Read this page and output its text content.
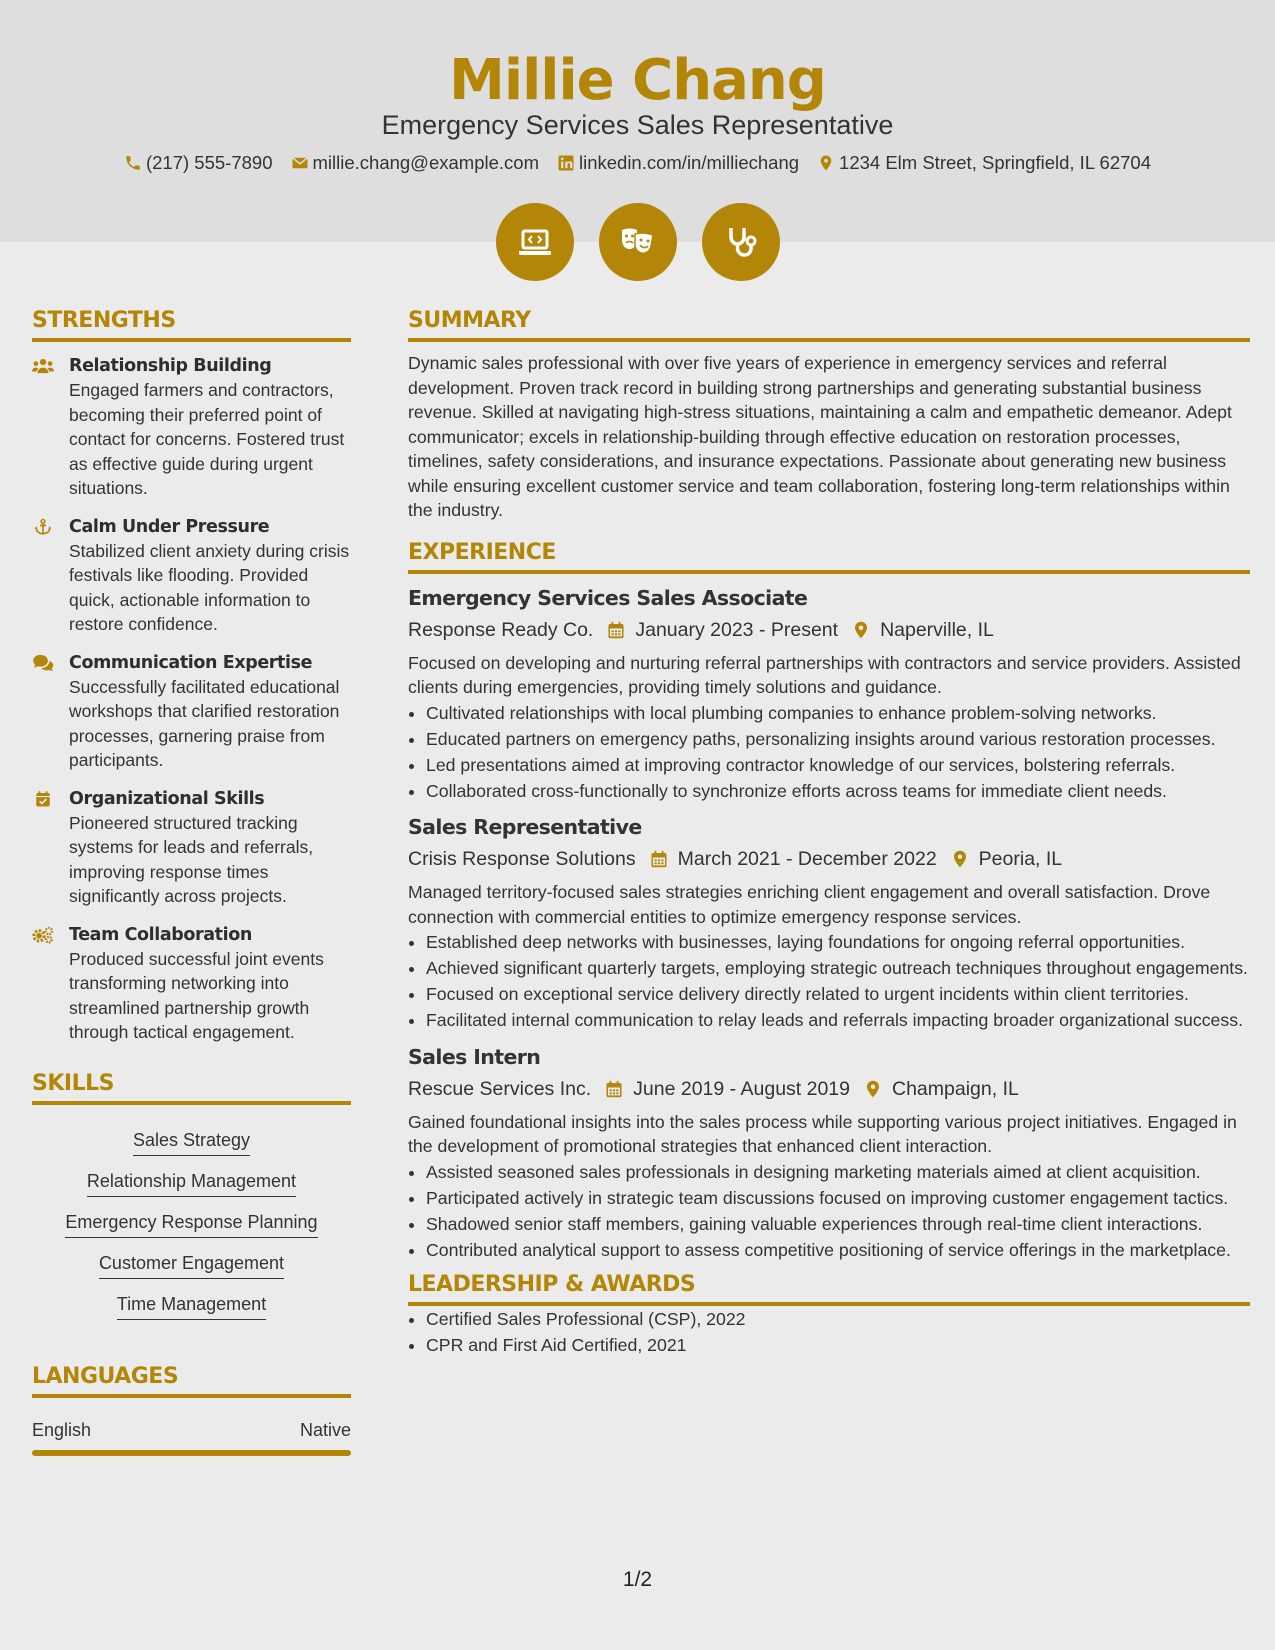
Millie Chang
Emergency Services Sales Representative
(217) 555-7890 millie.chang@example.com linkedin.com/in/milliechang 1234 Elm Street, Springfield, IL 62704
STRENGTHS
Relationship Building
Engaged farmers and contractors, becoming their preferred point of contact for concerns. Fostered trust as effective guide during urgent situations.
Calm Under Pressure
Stabilized client anxiety during crisis festivals like flooding. Provided quick, actionable information to restore confidence.
Communication Expertise
Successfully facilitated educational workshops that clarified restoration processes, garnering praise from participants.
Organizational Skills
Pioneered structured tracking systems for leads and referrals, improving response times significantly across projects.
Team Collaboration
Produced successful joint events transforming networking into streamlined partnership growth through tactical engagement.
SKILLS
Sales Strategy
Relationship Management
Emergency Response Planning
Customer Engagement
Time Management
LANGUAGES
English	Native
SUMMARY

Dynamic sales professional with over five years of experience in emergency services and referral development. Proven track record in building strong partnerships and generating substantial business revenue. Skilled at navigating high-stress situations, maintaining a calm and empathetic demeanor. Adept communicator; excels in relationship-building through effective education on restoration processes, timelines, safety considerations, and insurance expectations. Passionate about generating new business while ensuring excellent customer service and team collaboration, fostering long-term relationships within the industry.

EXPERIENCE
Emergency Services Sales Associate
Response Ready Co. January 2023 - Present Naperville, IL

Focused on developing and nurturing referral partnerships with contractors and service providers. Assisted clients during emergencies, providing timely solutions and guidance.

• Cultivated relationships with local plumbing companies to enhance problem-solving networks.
• Educated partners on emergency paths, personalizing insights around various restoration processes.
• Led presentations aimed at improving contractor knowledge of our services, bolstering referrals.
• Collaborated cross-functionally to synchronize efforts across teams for immediate client needs.
Sales Representative
Crisis Response Solutions March 2021 - December 2022 Peoria, IL

Managed territory-focused sales strategies enriching client engagement and overall satisfaction. Drove connection with commercial entities to optimize emergency response services.

• Established deep networks with businesses, laying foundations for ongoing referral opportunities.
• Achieved significant quarterly targets, employing strategic outreach techniques throughout engagements.
• Focused on exceptional service delivery directly related to urgent incidents within client territories.
• Facilitated internal communication to relay leads and referrals impacting broader organizational success.
Sales Intern
Rescue Services Inc. June 2019 - August 2019 Champaign, IL

Gained foundational insights into the sales process while supporting various project initiatives. Engaged in the development of promotional strategies that enhanced client interaction.

• Assisted seasoned sales professionals in designing marketing materials aimed at client acquisition.
• Participated actively in strategic team discussions focused on improving customer engagement tactics.
• Shadowed senior staff members, gaining valuable experiences through real-time client interactions.
• Contributed analytical support to assess competitive positioning of service offerings in the marketplace.
LEADERSHIP & AWARDS
• Certified Sales Professional (CSP), 2022
• CPR and First Aid Certified, 2021
1/2
